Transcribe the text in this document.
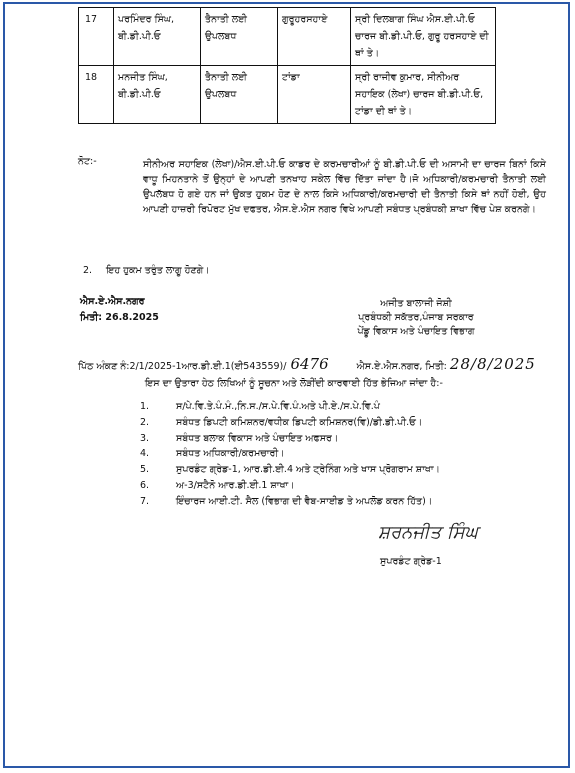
17	ਪਰਮਿੰਦਰ ਸਿੰਘ, ਬੀ.ਡੀ.ਪੀ.ਓ	ਤੈਨਾਤੀ ਲਈ ਉਪਲਬਧ	ਗੁਰੂਹਰਸਹਾਏ	ਸ੍ਰੀ ਦਿਲਬਾਗ ਸਿੰਘ ਐਸ.ਈ.ਪੀ.ਓ ਚਾਰਜ ਬੀ.ਡੀ.ਪੀ.ਓ, ਗੁਰੂ ਹਰਸਹਾਏ ਦੀ ਥਾਂ ਤੇ।
18	ਮਨਜੀਤ ਸਿੰਘ, ਬੀ.ਡੀ.ਪੀ.ਓ	ਤੈਨਾਤੀ ਲਈ ਉਪਲਬਧ	ਟਾਂਡਾ	ਸ੍ਰੀ ਰਾਜੀਵ ਕੁਮਾਰ, ਸੀਨੀਅਰ ਸਹਾਇਕ (ਲੇਖਾ) ਚਾਰਜ ਬੀ.ਡੀ.ਪੀ.ਓ, ਟਾਂਡਾ ਦੀ ਥਾਂ ਤੇ।
ਨੋਟ:-	ਸੀਨੀਅਰ ਸਹਾਇਕ (ਲੇਖਾ)/ਐਸ.ਈ.ਪੀ.ਓ ਕਾਡਰ ਦੇ ਕਰਮਚਾਰੀਆਂ ਨੂੰ ਬੀ.ਡੀ.ਪੀ.ਓ ਦੀ ਅਸਾਮੀ ਦਾ ਚਾਰਜ ਬਿਨਾਂ ਕਿਸੇ ਵਾਧੂ ਮਿਹਨਤਾਨੇ ਤੋਂ ਉਨ੍ਹਾਂ ਦੇ ਆਪਣੀ ਤਨਖਾਹ ਸਕੇਲ ਵਿੱਚ ਦਿੱਤਾ ਜਾਂਦਾ ਹੈ।ਜੋ ਅਧਿਕਾਰੀ/ਕਰਮਚਾਰੀ ਤੈਨਾਤੀ ਲਈ ਉਪਲੱਬਧ ਹੋ ਗਏ ਹਨ ਜਾਂ ਉਕਤ ਹੁਕਮ ਹੋਣ ਦੇ ਨਾਲ ਕਿਸੇ ਅਧਿਕਾਰੀ/ਕਰਮਚਾਰੀ ਦੀ ਤੈਨਾਤੀ ਕਿਸੇ ਥਾਂ ਨਹੀਂ ਹੋਈ, ਉਹ ਆਪਣੀ ਹਾਜ਼ਰੀ ਰਿਪੋਰਟ ਮੁੱਖ ਦਫਤਰ, ਐਸ.ਏ.ਐਸ ਨਗਰ ਵਿਖੇ ਆਪਣੀ ਸਬੰਧਤ ਪ੍ਰਬੰਧਕੀ ਸ਼ਾਖਾ ਵਿੱਚ ਪੇਸ਼ ਕਰਨਗੇ।
2. ਇਹ ਹੁਕਮ ਤਰੁੰਤ ਲਾਗੂ ਹੋਣਗੇ।
ਐਸ.ਏ.ਐਸ.ਨਗਰ
ਮਿਤੀ: 26.8.2025
ਅਜੀਤ ਬਾਲਾਜੀ ਜੋਸ਼ੀ
ਪ੍ਰਬੰਧਕੀ ਸਕੱਤਰ,ਪੰਜਾਬ ਸਰਕਾਰ
ਪੇਂਡੂ ਵਿਕਾਸ ਅਤੇ ਪੰਚਾਇਤ ਵਿਭਾਗ
ਪਿੱਠ ਅੰਕਣ ਨੰ:2/1/2025-1ਆਰ.ਡੀ.ਈ.1(ਈ543559)/ 6476	ਐਸ.ਏ.ਐਸ.ਨਗਰ, ਮਿਤੀ: 28/8/2025
ਇਸ ਦਾ ਉਤਾਰਾ ਹੇਠ ਲਿਖਿਆਂ ਨੂੰ ਸੂਚਨਾ ਅਤੇ ਲੋੜੀਂਦੀ ਕਾਰਵਾਈ ਹਿੱਤ ਭੇਜਿਆ ਜਾਂਦਾ ਹੈ:-
1.	ਸ/ਪੇ.ਵਿ.ਤੇ.ਪੰ.ਮੰ.,ਨਿ.ਸ./ਸ.ਪੇ.ਵਿ.ਪੰ.ਅਤੇ ਪੀ.ਏ./ਸ.ਪੇ.ਵਿ.ਪੰ
2.	ਸਬੰਧਤ ਡਿਪਟੀ ਕਮਿਸ਼ਨਰ/ਵਧੀਕ ਡਿਪਟੀ ਕਮਿਸ਼ਨਰ(ਵਿ)/ਡੀ.ਡੀ.ਪੀ.ਓ।
3.	ਸਬੰਧਤ ਬਲਾਕ ਵਿਕਾਸ ਅਤੇ ਪੰਚਾਇਤ ਅਫਸਰ।
4.	ਸਬੰਧਤ ਅਧਿਕਾਰੀ/ਕਰਮਚਾਰੀ।
5.	ਸੁਪਰਡੰਟ ਗ੍ਰੇਡ-1, ਆਰ.ਡੀ.ਈ.4 ਅਤੇ ਟ੍ਰੇਨਿੰਗ ਅਤੇ ਖਾਸ ਪ੍ਰੋਗਰਾਮ ਸ਼ਾਖਾ।
6.	ਅ-3/ਸਟੈਨੋ ਆਰ.ਡੀ.ਈ.1 ਸ਼ਾਖਾ।
7.	ਇੰਚਾਰਜ ਆਈ.ਟੀ. ਸੈਲ (ਵਿਭਾਗ ਦੀ ਵੈਬ-ਸਾਈਡ ਤੇ ਅਪਲੋਡ ਕਰਨ ਹਿੱਤ)।
ਸ਼ਰਨਜੀਤ ਸਿੰਘ
ਸੁਪਰਡੰਟ ਗ੍ਰੇਡ-1
